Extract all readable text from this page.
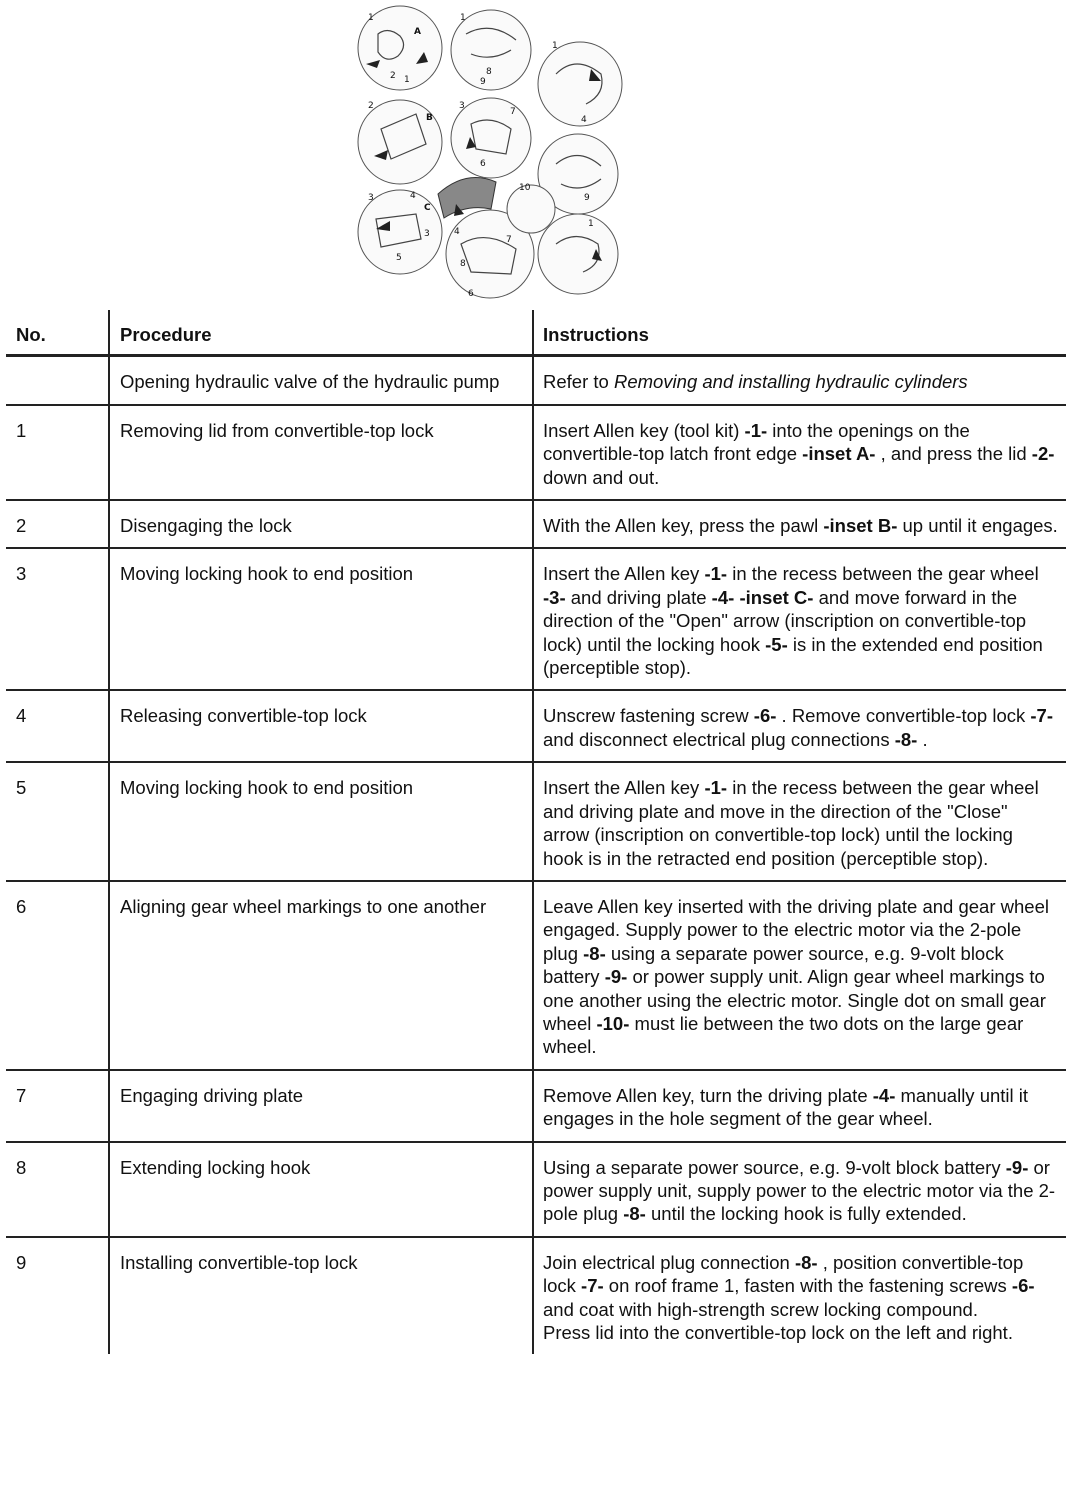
1	1
1
2	3
3
4
A
B
C
2 1
8
9
4
7
6
4
3
5
10
7
8
6
9
1
No.	Procedure	Instructions
	Opening hydraulic valve of the hydraulic pump	Refer to Removing and installing hydraulic cylinders
1	Removing lid from convertible-top lock	Insert Allen key (tool kit) -1- into the openings on the convertible-top latch front edge -inset A- , and press the lid -2- down and out.
2	Disengaging the lock	With the Allen key, press the pawl -inset B- up until it engages.
3	Moving locking hook to end position	Insert the Allen key -1- in the recess between the gear wheel -3- and driving plate -4- -inset C- and move forward in the direction of the "Open" arrow (inscription on convertible-top lock) until the locking hook -5- is in the extended end position (perceptible stop).
4	Releasing convertible-top lock	Unscrew fastening screw -6- . Remove convertible-top lock -7- and disconnect electrical plug connections -8- .
5	Moving locking hook to end position	Insert the Allen key -1- in the recess between the gear wheel and driving plate and move in the direction of the "Close" arrow (inscription on convertible-top lock) until the locking hook is in the retracted end position (perceptible stop).
6	Aligning gear wheel markings to one another	Leave Allen key inserted with the driving plate and gear wheel engaged. Supply power to the electric motor via the 2-pole plug -8- using a separate power source, e.g. 9-volt block battery -9- or power supply unit. Align gear wheel markings to one another using the electric motor. Single dot on small gear wheel -10- must lie between the two dots on the large gear wheel.
7	Engaging driving plate	Remove Allen key, turn the driving plate -4- manually until it engages in the hole segment of the gear wheel.
8	Extending locking hook	Using a separate power source, e.g. 9-volt block battery -9- or power supply unit, supply power to the electric motor via the 2-pole plug -8- until the locking hook is fully extended.
9	Installing convertible-top lock	Join electrical plug connection -8- , position convertible-top lock -7- on roof frame 1, fasten with the fastening screws -6- and coat with high-strength screw locking compound.
Press lid into the convertible-top lock on the left and right.
